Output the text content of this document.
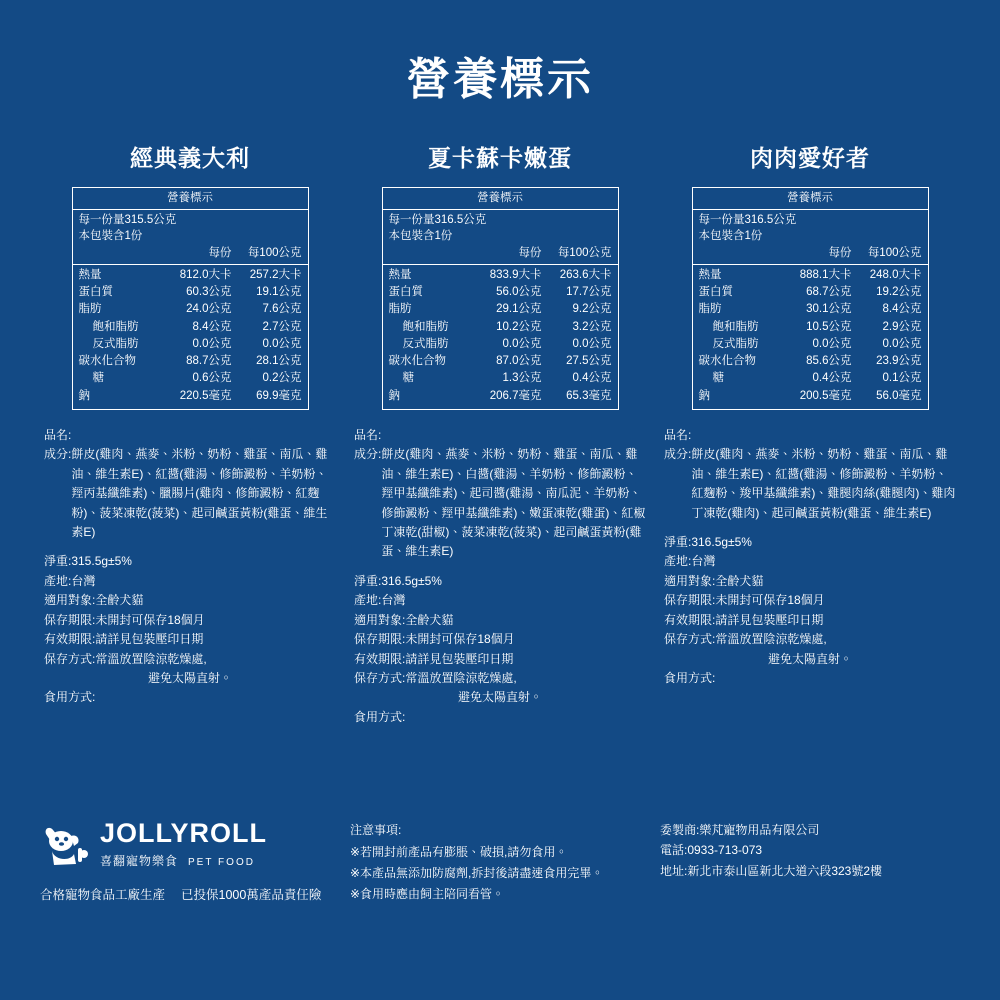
營養標示
經典義大利
營養標示
每一份量315.5公克
本包裝含1份
每份	每100公克
熱量	812.0大卡	257.2大卡
蛋白質	60.3公克	19.1公克
脂肪	24.0公克	7.6公克
飽和脂肪	8.4公克	2.7公克
反式脂肪	0.0公克	0.0公克
碳水化合物	88.7公克	28.1公克
糖	0.6公克	0.2公克
鈉	220.5毫克	69.9毫克
品名:
成分: 餅皮(雞肉、燕麥、米粉、奶粉、雞蛋、南瓜、雞油、維生素E)、紅醬(雞湯、修飾澱粉、羊奶粉、羥丙基纖維素)、臘腸片(雞肉、修飾澱粉、紅麴粉)、菠菜凍乾(菠菜)、起司鹹蛋黃粉(雞蛋、維生素E)
淨重:315.5g±5%
產地:台灣
適用對象:全齡犬貓
保存期限:未開封可保存18個月
有效期限:請詳見包裝壓印日期
保存方式:常溫放置陰涼乾燥處,
避免太陽直射。
食用方式:
夏卡蘇卡嫩蛋
營養標示
每一份量316.5公克
本包裝含1份
每份	每100公克
熱量	833.9大卡	263.6大卡
蛋白質	56.0公克	17.7公克
脂肪	29.1公克	9.2公克
飽和脂肪	10.2公克	3.2公克
反式脂肪	0.0公克	0.0公克
碳水化合物	87.0公克	27.5公克
糖	1.3公克	0.4公克
鈉	206.7毫克	65.3毫克
品名:
成分: 餅皮(雞肉、燕麥、米粉、奶粉、雞蛋、南瓜、雞油、維生素E)、白醬(雞湯、羊奶粉、修飾澱粉、羥甲基纖維素)、起司醬(雞湯、南瓜泥、羊奶粉、修飾澱粉、羥甲基纖維素)、嫩蛋凍乾(雞蛋)、紅椒丁凍乾(甜椒)、菠菜凍乾(菠菜)、起司鹹蛋黃粉(雞蛋、維生素E)
淨重:316.5g±5%
產地:台灣
適用對象:全齡犬貓
保存期限:未開封可保存18個月
有效期限:請詳見包裝壓印日期
保存方式:常溫放置陰涼乾燥處,
避免太陽直射。
食用方式:
肉肉愛好者
營養標示
每一份量316.5公克
本包裝含1份
每份	每100公克
熱量	888.1大卡	248.0大卡
蛋白質	68.7公克	19.2公克
脂肪	30.1公克	8.4公克
飽和脂肪	10.5公克	2.9公克
反式脂肪	0.0公克	0.0公克
碳水化合物	85.6公克	23.9公克
糖	0.4公克	0.1公克
鈉	200.5毫克	56.0毫克
品名:
成分: 餅皮(雞肉、燕麥、米粉、奶粉、雞蛋、南瓜、雞油、維生素E)、紅醬(雞湯、修飾澱粉、羊奶粉、紅麴粉、羧甲基纖維素)、雞腿肉絲(雞腿肉)、雞肉丁凍乾(雞肉)、起司鹹蛋黃粉(雞蛋、維生素E)
淨重:316.5g±5%
產地:台灣
適用對象:全齡犬貓
保存期限:未開封可保存18個月
有效期限:請詳見包裝壓印日期
保存方式:常溫放置陰涼乾燥處,
避免太陽直射。
食用方式:
JOLLYROLL
喜翻寵物樂食 PET FOOD
合格寵物食品工廠生產 已投保1000萬產品責任險
注意事項:
※若開封前產品有膨脹、破損,請勿食用。
※本產品無添加防腐劑,拆封後請盡速食用完畢。
※食用時應由飼主陪同看管。
委製商:樂芃寵物用品有限公司
電話:0933-713-073
地址:新北市泰山區新北大道六段323號2樓
